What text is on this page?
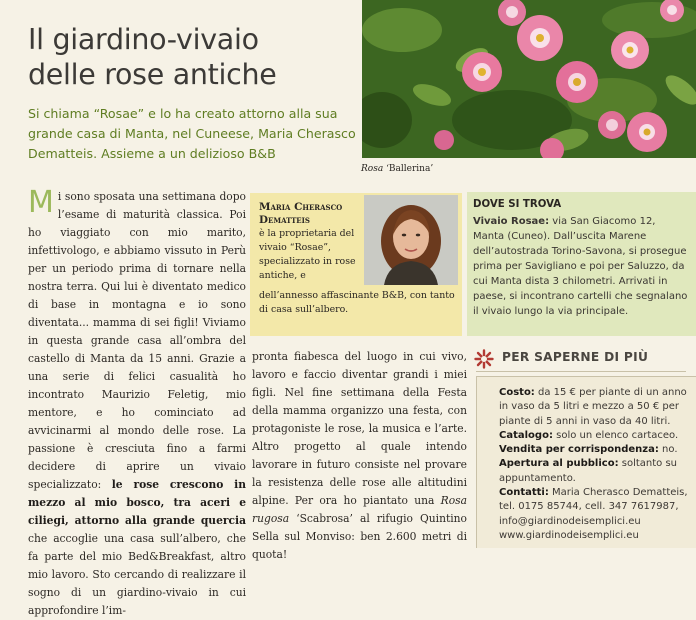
Il giardino-vivaio
delle rose antiche
Si chiama “Rosae” e lo ha creato attorno alla sua grande casa di Manta, nel Cuneese, Maria Cherasco Dematteis. Assieme a un delizioso B&B
Rosa ‘Ballerina’
Mi sono sposata una settimana dopo l’esame di maturità classica. Poi ho viaggiato con mio marito, infettivologo, e abbiamo vissuto in Perù per un periodo prima di tornare nella nostra terra. Qui lui è diventato medico di base in montagna e io sono diventata... mamma di sei figli! Viviamo in questa grande casa all’ombra del castello di Manta da 15 anni. Grazie a una serie di felici casualità ho incontrato Maurizio Feletig, mio mentore, e ho cominciato ad avvicinarmi al mondo delle rose. La passione è cresciuta fino a farmi decidere di aprire un vivaio specializzato: le rose crescono in mezzo al mio bosco, tra aceri e ciliegi, attorno alla grande quercia che accoglie una casa sull’albero, che fa parte del mio Bed&Breakfast, altro mio lavoro. Sto cercando di realizzare il sogno di un giardino-vivaio in cui approfondire l’im-
Maria Cherasco Dematteis
è la proprietaria del vivaio “Rosae”, specializzato in rose antiche, e
dell’annesso affascinante B&B, con tanto di casa sull’albero.
DOVE SI TROVA
Vivaio Rosae: via San Giacomo 12, Manta (Cuneo). Dall’uscita Marene dell’autostrada Torino-Savona, si prosegue prima per Savigliano e poi per Saluzzo, da cui Manta dista 3 chilometri. Arrivati in paese, si incontrano cartelli che segnalano il vivaio lungo la via principale.
pronta fiabesca del luogo in cui vivo, lavoro e faccio diventar grandi i miei figli. Nel fine settimana della Festa della mamma organizzo una festa, con protagoniste le rose, la musica e l’arte. Altro progetto al quale intendo lavorare in futuro consiste nel provare la resistenza delle rose alle altitudini alpine. Per ora ho piantato una Rosa rugosa ‘Scabrosa’ al rifugio Quintino Sella sul Monviso: ben 2.600 metri di quota!
PER SAPERNE DI PIÙ
Costo: da 15 € per piante di un anno in vaso da 5 litri e mezzo a 50 € per piante di 5 anni in vaso da 40 litri.
Catalogo: solo un elenco cartaceo.
Vendita per corrispondenza: no.
Apertura al pubblico: soltanto su appuntamento.
Contatti: Maria Cherasco Dematteis, tel. 0175 85744, cell. 347 7617987, info@giardinodeisemplici.eu www.giardinodeisemplici.eu
